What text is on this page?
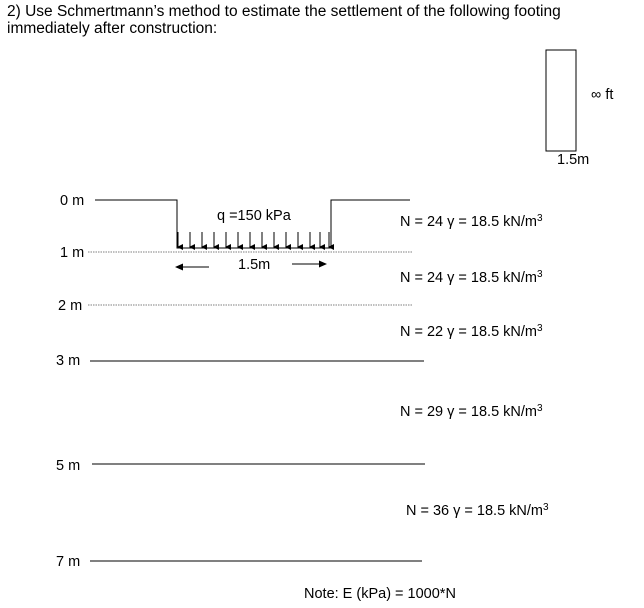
2) Use Schmertmann’s method to estimate the settlement of the following footing
immediately after construction:
1.5m
∞ ft
0 m
1 m
2 m
3 m
5 m
7 m
q =150 kPa
1.5m
N = 24 γ = 18.5 $kN/m^3$
N = 24 γ = 18.5 $kN/m^3$
N = 22 γ = 18.5 $kN/m^3$
N = 29 γ = 18.5 $kN/m^3$
N = 36 γ = 18.5 $kN/m^3$
Note: E (kPa) = 1000*N
